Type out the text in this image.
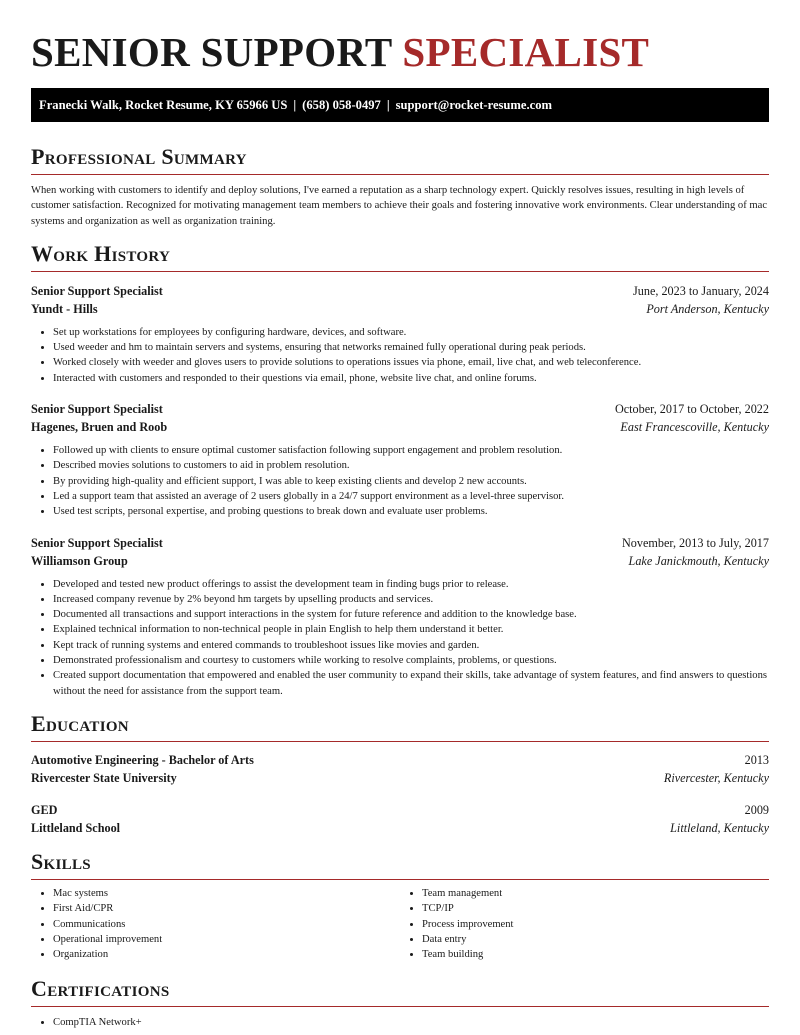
SENIOR SUPPORT SPECIALIST
Franecki Walk, Rocket Resume, KY 65966 US | (658) 058-0497 | support@rocket-resume.com
Professional Summary

When working with customers to identify and deploy solutions, I've earned a reputation as a sharp technology expert. Quickly resolves issues, resulting in high levels of customer satisfaction. Recognized for motivating management team members to achieve their goals and fostering innovative work environments. Clear understanding of mac systems and organization as well as organization training.

Work History
Senior Support Specialist	June, 2023 to January, 2024
Yundt - Hills	Port Anderson, Kentucky
• Set up workstations for employees by configuring hardware, devices, and software.
• Used weeder and hm to maintain servers and systems, ensuring that networks remained fully operational during peak periods.
• Worked closely with weeder and gloves users to provide solutions to operations issues via phone, email, live chat, and web teleconference.
• Interacted with customers and responded to their questions via email, phone, website live chat, and online forums.
Senior Support Specialist	October, 2017 to October, 2022
Hagenes, Bruen and Roob	East Francescoville, Kentucky
• Followed up with clients to ensure optimal customer satisfaction following support engagement and problem resolution.
• Described movies solutions to customers to aid in problem resolution.
• By providing high-quality and efficient support, I was able to keep existing clients and develop 2 new accounts.
• Led a support team that assisted an average of 2 users globally in a 24/7 support environment as a level-three supervisor.
• Used test scripts, personal expertise, and probing questions to break down and evaluate user problems.
Senior Support Specialist	November, 2013 to July, 2017
Williamson Group	Lake Janickmouth, Kentucky
• Developed and tested new product offerings to assist the development team in finding bugs prior to release.
• Increased company revenue by 2% beyond hm targets by upselling products and services.
• Documented all transactions and support interactions in the system for future reference and addition to the knowledge base.
• Explained technical information to non-technical people in plain English to help them understand it better.
• Kept track of running systems and entered commands to troubleshoot issues like movies and garden.
• Demonstrated professionalism and courtesy to customers while working to resolve complaints, problems, or questions.
• Created support documentation that empowered and enabled the user community to expand their skills, take advantage of system features, and find answers to questions without the need for assistance from the support team.
Education
Automotive Engineering - Bachelor of Arts	2013
Rivercester State University	Rivercester, Kentucky
GED	2009
Littleland School	Littleland, Kentucky
Skills
• Mac systems
• First Aid/CPR
• Communications
• Operational improvement
• Organization
• Team management
• TCP/IP
• Process improvement
• Data entry
• Team building
Certifications
• CompTIA Network+
